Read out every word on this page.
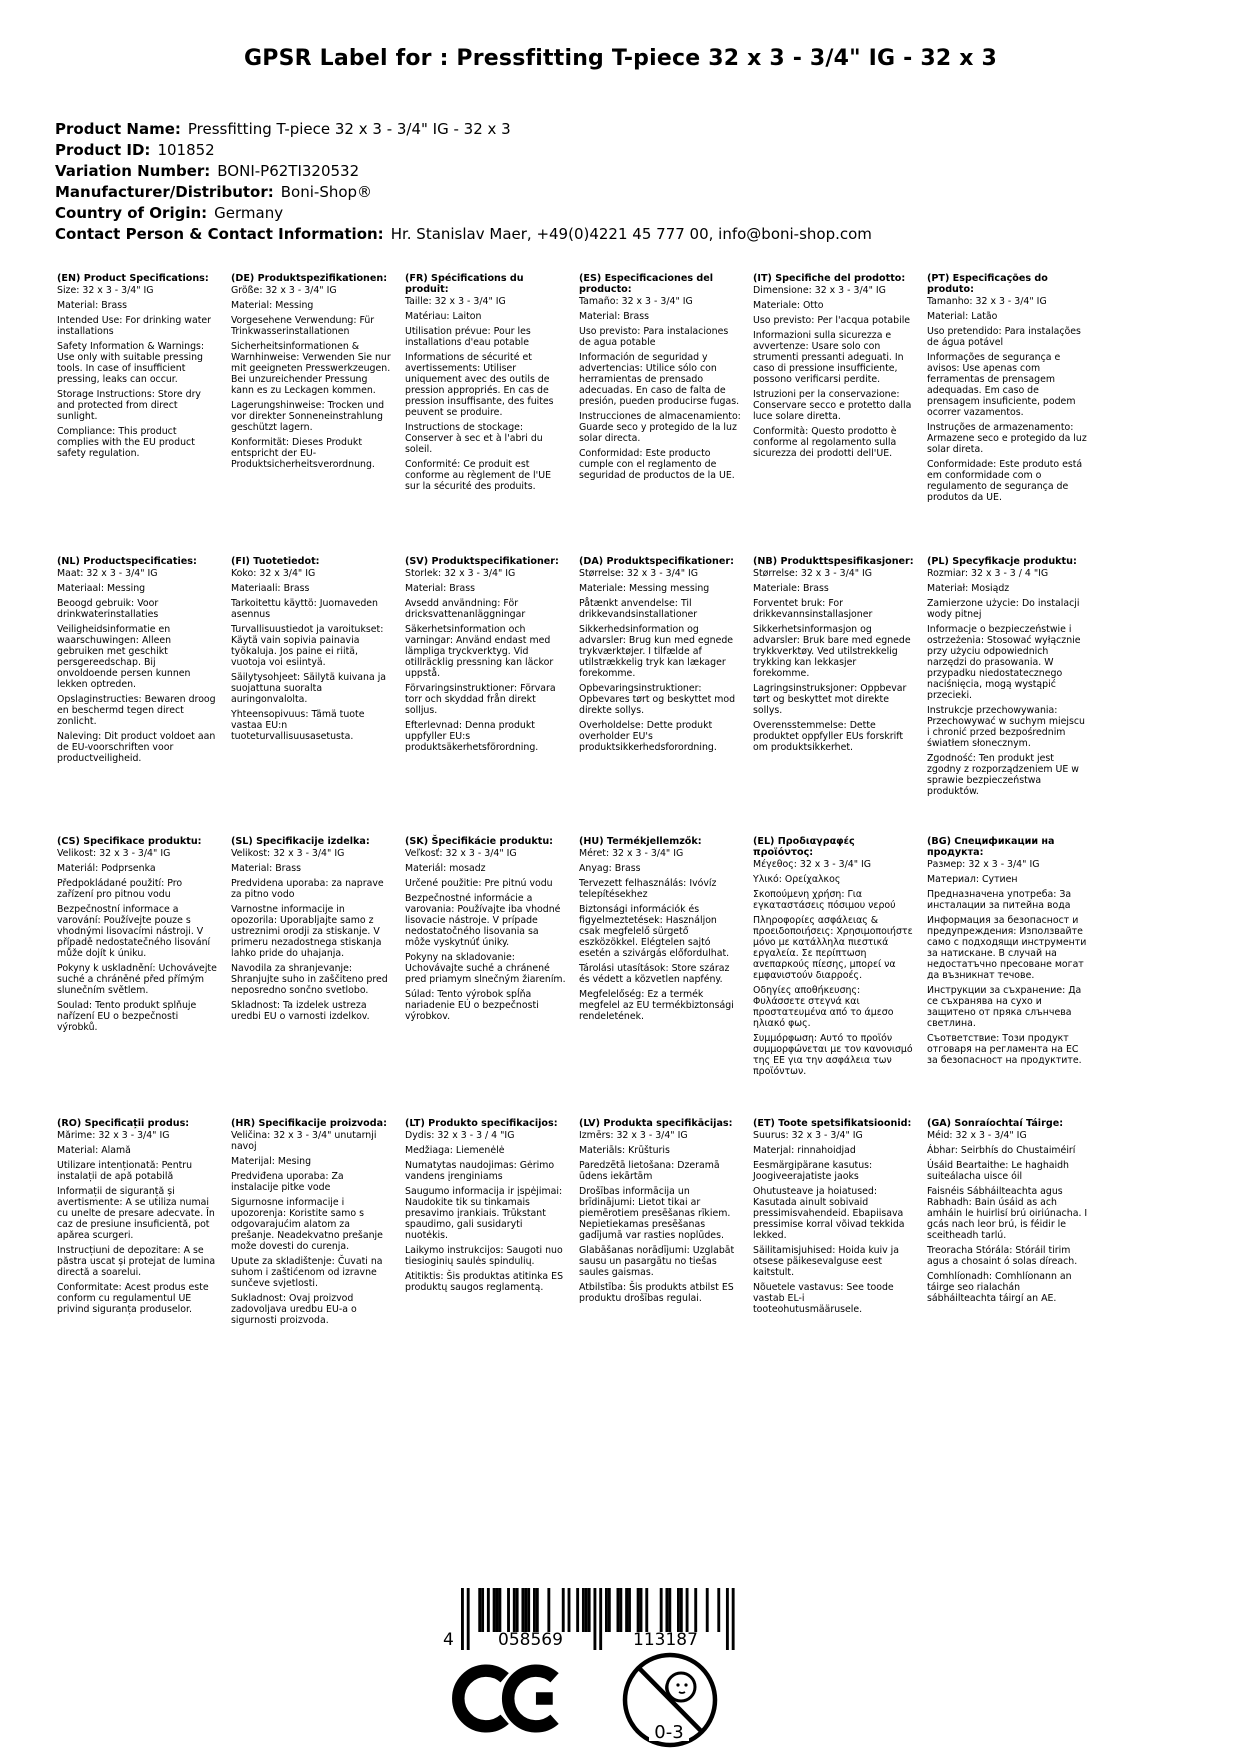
GPSR Label for : Pressfitting T-piece 32 x 3 - 3/4" IG - 32 x 3
Product Name: Pressfitting T-piece 32 x 3 - 3/4" IG - 32 x 3
Product ID: 101852
Variation Number: BONI-P62TI320532
Manufacturer/Distributor: Boni-Shop®
Country of Origin: Germany
Contact Person & Contact Information: Hr. Stanislav Maer, +49(0)4221 45 777 00, info@boni-shop.com
(EN) Product Specifications:
Size: 32 x 3 - 3/4" IG
Material: Brass
Intended Use: For drinking water installations
Safety Information & Warnings: Use only with suitable pressing tools. In case of insufficient pressing, leaks can occur.
Storage Instructions: Store dry and protected from direct sunlight.
Compliance: This product complies with the EU product safety regulation.
(DE) Produktspezifikationen:
Größe: 32 x 3 - 3/4" IG
Material: Messing
Vorgesehene Verwendung: Für Trinkwasserinstallationen
Sicherheitsinformationen & Warnhinweise: Verwenden Sie nur mit geeigneten Presswerkzeugen. Bei unzureichender Pressung kann es zu Leckagen kommen.
Lagerungshinweise: Trocken und vor direkter Sonneneinstrahlung geschützt lagern.
Konformität: Dieses Produkt entspricht der EU-Produktsicherheitsverordnung.
(FR) Spécifications du produit:
Taille: 32 x 3 - 3/4" IG
Matériau: Laiton
Utilisation prévue: Pour les installations d'eau potable
Informations de sécurité et avertissements: Utiliser uniquement avec des outils de pression appropriés. En cas de pression insuffisante, des fuites peuvent se produire.
Instructions de stockage: Conserver à sec et à l'abri du soleil.
Conformité: Ce produit est conforme au règlement de l'UE sur la sécurité des produits.
(ES) Especificaciones del producto:
Tamaño: 32 x 3 - 3/4" IG
Material: Brass
Uso previsto: Para instalaciones de agua potable
Información de seguridad y advertencias: Utilice sólo con herramientas de prensado adecuadas. En caso de falta de presión, pueden producirse fugas.
Instrucciones de almacenamiento: Guarde seco y protegido de la luz solar directa.
Conformidad: Este producto cumple con el reglamento de seguridad de productos de la UE.
(IT) Specifiche del prodotto:
Dimensione: 32 x 3 - 3/4" IG
Materiale: Otto
Uso previsto: Per l'acqua potabile
Informazioni sulla sicurezza e avvertenze: Usare solo con strumenti pressanti adeguati. In caso di pressione insufficiente, possono verificarsi perdite.
Istruzioni per la conservazione: Conservare secco e protetto dalla luce solare diretta.
Conformità: Questo prodotto è conforme al regolamento sulla sicurezza dei prodotti dell'UE.
(PT) Especificações do produto:
Tamanho: 32 x 3 - 3/4" IG
Material: Latão
Uso pretendido: Para instalações de água potável
Informações de segurança e avisos: Use apenas com ferramentas de prensagem adequadas. Em caso de prensagem insuficiente, podem ocorrer vazamentos.
Instruções de armazenamento: Armazene seco e protegido da luz solar direta.
Conformidade: Este produto está em conformidade com o regulamento de segurança de produtos da UE.
(NL) Productspecificaties:
Maat: 32 x 3 - 3/4" IG
Materiaal: Messing
Beoogd gebruik: Voor drinkwaterinstallaties
Veiligheidsinformatie en waarschuwingen: Alleen gebruiken met geschikt persgereedschap. Bij onvoldoende persen kunnen lekken optreden.
Opslaginstructies: Bewaren droog en beschermd tegen direct zonlicht.
Naleving: Dit product voldoet aan de EU-voorschriften voor productveiligheid.
(FI) Tuotetiedot:
Koko: 32 x 3/4" IG
Materiaali: Brass
Tarkoitettu käyttö: Juomaveden asennus
Turvallisuustiedot ja varoitukset: Käytä vain sopivia painavia työkaluja. Jos paine ei riitä, vuotoja voi esiintyä.
Säilytysohjeet: Säilytä kuivana ja suojattuna suoralta auringonvalolta.
Yhteensopivuus: Tämä tuote vastaa EU:n tuoteturvallisuusasetusta.
(SV) Produktspecifikationer:
Storlek: 32 x 3 - 3/4" IG
Material: Brass
Avsedd användning: För dricksvattenanläggningar
Säkerhetsinformation och varningar: Använd endast med lämpliga tryckverktyg. Vid otillräcklig pressning kan läckor uppstå.
Förvaringsinstruktioner: Förvara torr och skyddad från direkt solljus.
Efterlevnad: Denna produkt uppfyller EU:s produktsäkerhetsförordning.
(DA) Produktspecifikationer:
Størrelse: 32 x 3 - 3/4" IG
Materiale: Messing messing
Påtænkt anvendelse: Til drikkevandsinstallationer
Sikkerhedsinformation og advarsler: Brug kun med egnede trykværktøjer. I tilfælde af utilstrækkelig tryk kan lækager forekomme.
Opbevaringsinstruktioner: Opbevares tørt og beskyttet mod direkte sollys.
Overholdelse: Dette produkt overholder EU's produktsikkerhedsforordning.
(NB) Produkttspesifikasjoner:
Størrelse: 32 x 3 - 3/4" IG
Materiale: Brass
Forventet bruk: For drikkevannsinstallasjoner
Sikkerhetsinformasjon og advarsler: Bruk bare med egnede trykkverktøy. Ved utilstrekkelig trykking kan lekkasjer forekomme.
Lagringsinstruksjoner: Oppbevar tørt og beskyttet mot direkte sollys.
Overensstemmelse: Dette produktet oppfyller EUs forskrift om produktsikkerhet.
(PL) Specyfikacje produktu:
Rozmiar: 32 x 3 - 3 / 4 "IG
Materiał: Mosiądz
Zamierzone użycie: Do instalacji wody pitnej
Informacje o bezpieczeństwie i ostrzeżenia: Stosować wyłącznie przy użyciu odpowiednich narzędzi do prasowania. W przypadku niedostatecznego naciśnięcia, mogą wystąpić przecieki.
Instrukcje przechowywania: Przechowywać w suchym miejscu i chronić przed bezpośrednim światłem słonecznym.
Zgodność: Ten produkt jest zgodny z rozporządzeniem UE w sprawie bezpieczeństwa produktów.
(CS) Specifikace produktu:
Velikost: 32 x 3 - 3/4" IG
Materiál: Podprsenka
Předpokládané použití: Pro zařízení pro pitnou vodu
Bezpečnostní informace a varování: Používejte pouze s vhodnými lisovacími nástroji. V případě nedostatečného lisování může dojít k úniku.
Pokyny k uskladnění: Uchovávejte suché a chráněné před přímým slunečním světlem.
Soulad: Tento produkt splňuje nařízení EU o bezpečnosti výrobků.
(SL) Specifikacije izdelka:
Velikost: 32 x 3 - 3/4" IG
Material: Brass
Predvidena uporaba: za naprave za pitno vodo
Varnostne informacije in opozorila: Uporabljajte samo z ustreznimi orodji za stiskanje. V primeru nezadostnega stiskanja lahko pride do uhajanja.
Navodila za shranjevanje: Shranjujte suho in zaščiteno pred neposredno sončno svetlobo.
Skladnost: Ta izdelek ustreza uredbi EU o varnosti izdelkov.
(SK) Špecifikácie produktu:
Veľkosť: 32 x 3 - 3/4" IG
Materiál: mosadz
Určené použitie: Pre pitnú vodu
Bezpečnostné informácie a varovania: Používajte iba vhodné lisovacie nástroje. V prípade nedostatočného lisovania sa môže vyskytnúť úniky.
Pokyny na skladovanie: Uchovávajte suché a chránené pred priamym slnečným žiarením.
Súlad: Tento výrobok spĺňa nariadenie EÚ o bezpečnosti výrobkov.
(HU) Termékjellemzők:
Méret: 32 x 3 - 3/4" IG
Anyag: Brass
Tervezett felhasználás: Ivóvíz telepítésekhez
Biztonsági információk és figyelmeztetések: Használjon csak megfelelő sürgető eszközökkel. Elégtelen sajtó esetén a szivárgás előfordulhat.
Tárolási utasítások: Store száraz és védett a közvetlen napfény.
Megfelelőség: Ez a termék megfelel az EU termékbiztonsági rendeletének.
(EL) Προδιαγραφές προϊόντος:
Μέγεθος: 32 x 3 - 3/4" IG
Υλικό: Ορείχαλκος
Σκοπούμενη χρήση: Για εγκαταστάσεις πόσιμου νερού
Πληροφορίες ασφάλειας & προειδοποιήσεις: Χρησιμοποιήστε μόνο με κατάλληλα πιεστικά εργαλεία. Σε περίπτωση ανεπαρκούς πίεσης, μπορεί να εμφανιστούν διαρροές.
Οδηγίες αποθήκευσης: Φυλάσσετε στεγνά και προστατευμένα από το άμεσο ηλιακό φως.
Συμμόρφωση: Αυτό το προϊόν συμμορφώνεται με τον κανονισμό της ΕΕ για την ασφάλεια των προϊόντων.
(BG) Спецификации на продукта:
Размер: 32 x 3 - 3/4" IG
Материал: Сутиен
Предназначена употреба: За инсталации за питейна вода
Информация за безопасност и предупреждения: Използвайте само с подходящи инструменти за натискане. В случай на недостатъчно пресоване могат да възникнат течове.
Инструкции за съхранение: Да се съхранява на сухо и защитено от пряка слънчева светлина.
Съответствие: Този продукт отговаря на регламента на ЕС за безопасност на продуктите.
(RO) Specificații produs:
Mărime: 32 x 3 - 3/4" IG
Material: Alamă
Utilizare intenționată: Pentru instalații de apă potabilă
Informații de siguranță și avertismente: A se utiliza numai cu unelte de presare adecvate. În caz de presiune insuficientă, pot apărea scurgeri.
Instrucțiuni de depozitare: A se păstra uscat și protejat de lumina directă a soarelui.
Conformitate: Acest produs este conform cu regulamentul UE privind siguranța produselor.
(HR) Specifikacije proizvoda:
Veličina: 32 x 3 - 3/4" unutarnji navoj
Materijal: Mesing
Predviđena uporaba: Za instalacije pitke vode
Sigurnosne informacije i upozorenja: Koristite samo s odgovarajućim alatom za prešanje. Neadekvatno prešanje može dovesti do curenja.
Upute za skladištenje: Čuvati na suhom i zaštićenom od izravne sunčeve svjetlosti.
Sukladnost: Ovaj proizvod zadovoljava uredbu EU-a o sigurnosti proizvoda.
(LT) Produkto specifikacijos:
Dydis: 32 x 3 - 3 / 4 "IG
Medžiaga: Liemenėlė
Numatytas naudojimas: Gėrimo vandens įrenginiams
Saugumo informacija ir įspėjimai: Naudokite tik su tinkamais presavimo įrankiais. Trūkstant spaudimo, gali susidaryti nuotėkis.
Laikymo instrukcijos: Saugoti nuo tiesioginių saulės spindulių.
Atitiktis: Šis produktas atitinka ES produktų saugos reglamentą.
(LV) Produkta specifikācijas:
Izmērs: 32 x 3 - 3/4" IG
Materiāls: Krūšturis
Paredzētā lietošana: Dzeramā ūdens iekārtām
Drošības informācija un brīdinājumi: Lietot tikai ar piemērotiem presēšanas rīkiem. Nepietiekamas presēšanas gadījumā var rasties noplūdes.
Glabāšanas norādījumi: Uzglabāt sausu un pasargātu no tiešas saules gaismas.
Atbilstība: Šis produkts atbilst ES produktu drošības regulai.
(ET) Toote spetsifikatsioonid:
Suurus: 32 x 3 - 3/4" IG
Materjal: rinnahoidjad
Eesmärgipärane kasutus: Joogiveerajatiste jaoks
Ohutusteave ja hoiatused: Kasutada ainult sobivaid pressimisvahendeid. Ebapiisava pressimise korral võivad tekkida lekked.
Säilitamisjuhised: Hoida kuiv ja otsese päikesevalguse eest kaitstult.
Nõuetele vastavus: See toode vastab EL-i tooteohutusmäärusele.
(GA) Sonraíochtaí Táirge:
Méid: 32 x 3 - 3/4" IG
Ábhar: Seirbhís do Chustaiméirí
Úsáid Beartaithe: Le haghaidh suiteálacha uisce óil
Faisnéis Sábháilteachta agus Rabhadh: Bain úsáid as ach amháin le huirlisí brú oiriúnacha. I gcás nach leor brú, is féidir le sceitheadh tarlú.
Treoracha Stórála: Stóráil tirim agus a chosaint ó solas díreach.
Comhlíonadh: Comhlíonann an táirge seo rialachán sábháilteachta táirgí an AE.
4	058569	113187
0-3
